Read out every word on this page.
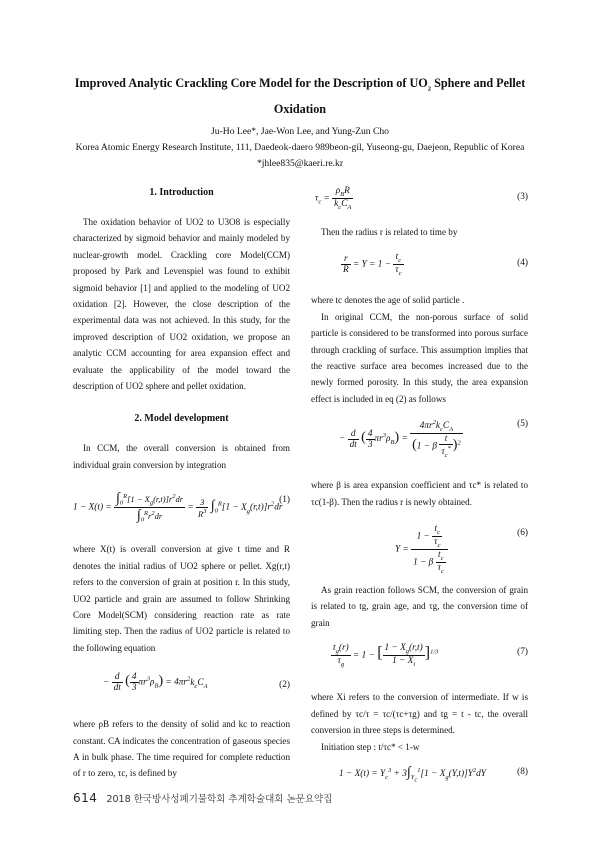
Improved Analytic Crackling Core Model for the Description of $UO_2$ Sphere and Pellet
Oxidation
Ju-Ho Lee*, Jae-Won Lee, and Yung-Zun Cho
Korea Atomic Energy Research Institute, 111, Daedeok-daero 989beon-gil, Yuseong-gu, Daejeon, Republic of Korea
*jhlee835@kaeri.re.kr
1. Introduction

The oxidation behavior of UO2 to U3O8 is especially characterized by sigmoid behavior and mainly modeled by nuclear-growth model. Crackling core Model(CCM) proposed by Park and Levenspiel was found to exhibit sigmoid behavior [1] and applied to the modeling of UO2 oxidation [2]. However, the close description of the experimental data was not achieved. In this study, for the improved description of UO2 oxidation, we propose an analytic CCM accounting for area expansion effect and evaluate the applicability of the model toward the description of UO2 sphere and pellet oxidation.

2. Model development

In CCM, the overall conversion is obtained from individual grain conversion by integration

$1 - X(t) = \frac{\int_0^R[1 - X_g(r,t)]r^2dr}{\int_0^Rr^2dr} = \frac{3}{R^3} \int_0^R[1 - X_g(r,t)]r^2dr$
(1)

where X(t) is overall conversion at give t time and R denotes the initial radius of UO2 sphere or pellet. Xg(r,t) refers to the conversion of grain at position r. In this study, UO2 particle and grain are assumed to follow Shrinking Core Model(SCM) considering reaction rate as rate limiting step. Then the radius of UO2 particle is related to the following equation

− $\frac{d}{dt}$ ( $\frac{4}{3} \pi r^3\rho_B) = 4\pi r^2k_cC_A$	(2)

where ρB refers to the density of solid and kc to reaction constant. CA indicates the concentration of gaseous species A in bulk phase. The time required for complete reduction of r to zero, τc, is defined by

$\tau_c = \frac{\rho_BR}{k_cC_A}$	(3)

Then the radius r is related to time by

$\frac{r}{R} = Y = 1 - \frac{t_c}{\tau_c}$	(4)

where tc denotes the age of solid particle .

In original CCM, the non-porous surface of solid particle is considered to be transformed into porous surface through crackling of surface. This assumption implies that the reactive surface area becomes increased due to the newly formed porosity. In this study, the area expansion effect is included in eq (2) as follows

− $\frac{d}{dt}$ ( $\frac{4}{3} \pi r^3\rho_B) = \frac{4\pi r^2k_cC_A}{(1 - \beta \frac{t}{\tau_c^*} )^2}$	(5)

where β is area expansion coefficient and τc* is related to τc(1-β). Then the radius r is newly obtained.

$Y = \frac{1 - \frac{t_c}{\tau_c}}{1 - \beta \frac{t_c}{\tau_c}}$	(6)

As grain reaction follows SCM, the conversion of grain is related to tg, grain age, and τg, the conversion time of grain

$\frac{t_g(r)}{\tau_g} = 1$ − [ $\frac{1 - X_g(r,t)}{1 - X_i} ]^{1/3}$	(7)

where Xi refers to the conversion of intermediate. If w is defined by τc/τ = τc/(τc+τg) and tg = t - tc, the overall conversion in three steps is determined.

Initiation step : t/τc* < 1-w

$1 - X(t) = Y_c^3 + 3\int_{Y_c}^1[1 - X_g(Y,t)]Y^2dY$	(8)
614 2018 한국방사성폐기물학회 추계학술대회 논문요약집
